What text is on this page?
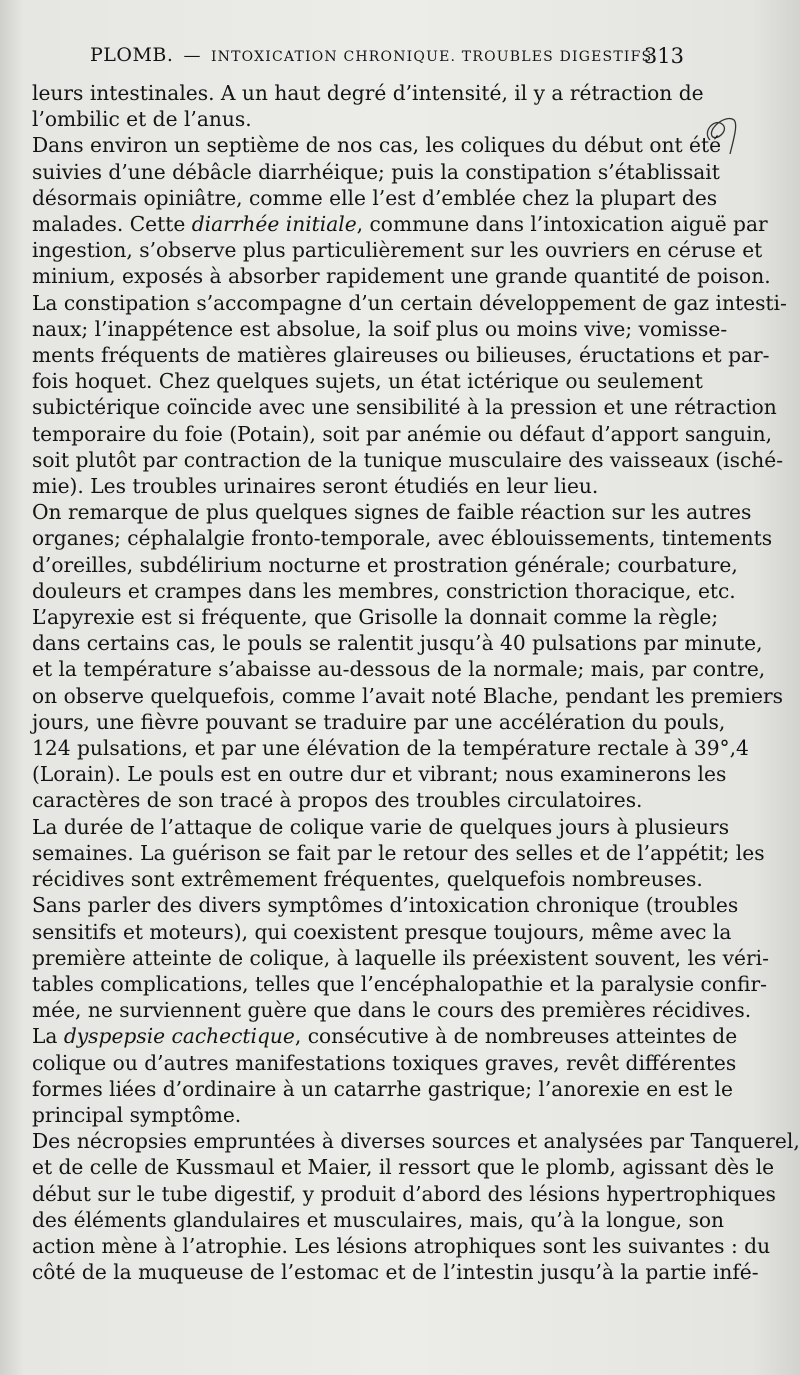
PLOMB. — INTOXICATION CHRONIQUE. TROUBLES DIGESTIFS.
313
leurs intestinales. A un haut degré d’intensité, il y a rétraction de
l’ombilic et de l’anus.
Dans environ un septième de nos cas, les coliques du début ont été
suivies d’une débâcle diarrhéique; puis la constipation s’établissait
désormais opiniâtre, comme elle l’est d’emblée chez la plupart des
malades. Cette diarrhée initiale, commune dans l’intoxication aiguë par
ingestion, s’observe plus particulièrement sur les ouvriers en céruse et
minium, exposés à absorber rapidement une grande quantité de poison.
La constipation s’accompagne d’un certain développement de gaz intesti-
naux; l’inappétence est absolue, la soif plus ou moins vive; vomisse-
ments fréquents de matières glaireuses ou bilieuses, éructations et par-
fois hoquet. Chez quelques sujets, un état ictérique ou seulement
subictérique coïncide avec une sensibilité à la pression et une rétraction
temporaire du foie (Potain), soit par anémie ou défaut d’apport sanguin,
soit plutôt par contraction de la tunique musculaire des vaisseaux (isché-
mie). Les troubles urinaires seront étudiés en leur lieu.
On remarque de plus quelques signes de faible réaction sur les autres
organes; céphalalgie fronto-temporale, avec éblouissements, tintements
d’oreilles, subdélirium nocturne et prostration générale; courbature,
douleurs et crampes dans les membres, constriction thoracique, etc.
L’apyrexie est si fréquente, que Grisolle la donnait comme la règle;
dans certains cas, le pouls se ralentit jusqu’à 40 pulsations par minute,
et la température s’abaisse au-dessous de la normale; mais, par contre,
on observe quelquefois, comme l’avait noté Blache, pendant les premiers
jours, une fièvre pouvant se traduire par une accélération du pouls,
124 pulsations, et par une élévation de la température rectale à 39°,4
(Lorain). Le pouls est en outre dur et vibrant; nous examinerons les
caractères de son tracé à propos des troubles circulatoires.
La durée de l’attaque de colique varie de quelques jours à plusieurs
semaines. La guérison se fait par le retour des selles et de l’appétit; les
récidives sont extrêmement fréquentes, quelquefois nombreuses.
Sans parler des divers symptômes d’intoxication chronique (troubles
sensitifs et moteurs), qui coexistent presque toujours, même avec la
première atteinte de colique, à laquelle ils préexistent souvent, les véri-
tables complications, telles que l’encéphalopathie et la paralysie confir-
mée, ne surviennent guère que dans le cours des premières récidives.
La dyspepsie cachectique, consécutive à de nombreuses atteintes de
colique ou d’autres manifestations toxiques graves, revêt différentes
formes liées d’ordinaire à un catarrhe gastrique; l’anorexie en est le
principal symptôme.
Des nécropsies empruntées à diverses sources et analysées par Tanquerel,
et de celle de Kussmaul et Maier, il ressort que le plomb, agissant dès le
début sur le tube digestif, y produit d’abord des lésions hypertrophiques
des éléments glandulaires et musculaires, mais, qu’à la longue, son
action mène à l’atrophie. Les lésions atrophiques sont les suivantes : du
côté de la muqueuse de l’estomac et de l’intestin jusqu’à la partie infé-
